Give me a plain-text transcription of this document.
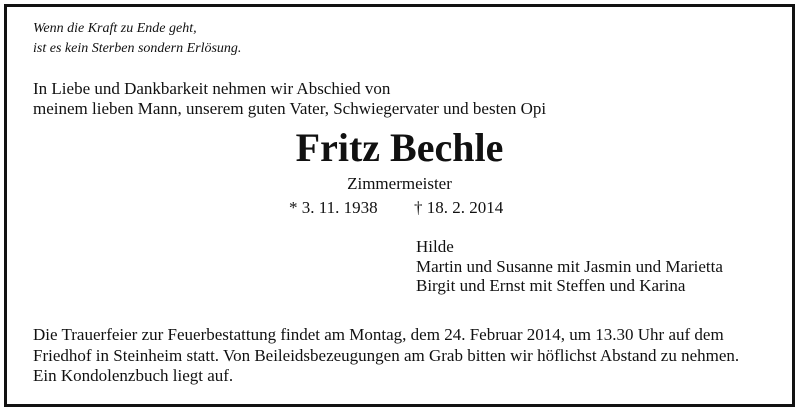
Wenn die Kraft zu Ende geht,
ist es kein Sterben sondern Erlösung.
In Liebe und Dankbarkeit nehmen wir Abschied von
meinem lieben Mann, unserem guten Vater, Schwiegervater und besten Opi
Fritz Bechle
Zimmermeister
* 3. 11. 1938 † 18. 2. 2014
Hilde
Martin und Susanne mit Jasmin und Marietta
Birgit und Ernst mit Steffen und Karina
Die Trauerfeier zur Feuerbestattung findet am Montag, dem 24. Februar 2014, um 13.30 Uhr auf dem
Friedhof in Steinheim statt. Von Beileidsbezeugungen am Grab bitten wir höflichst Abstand zu nehmen.
Ein Kondolenzbuch liegt auf.
